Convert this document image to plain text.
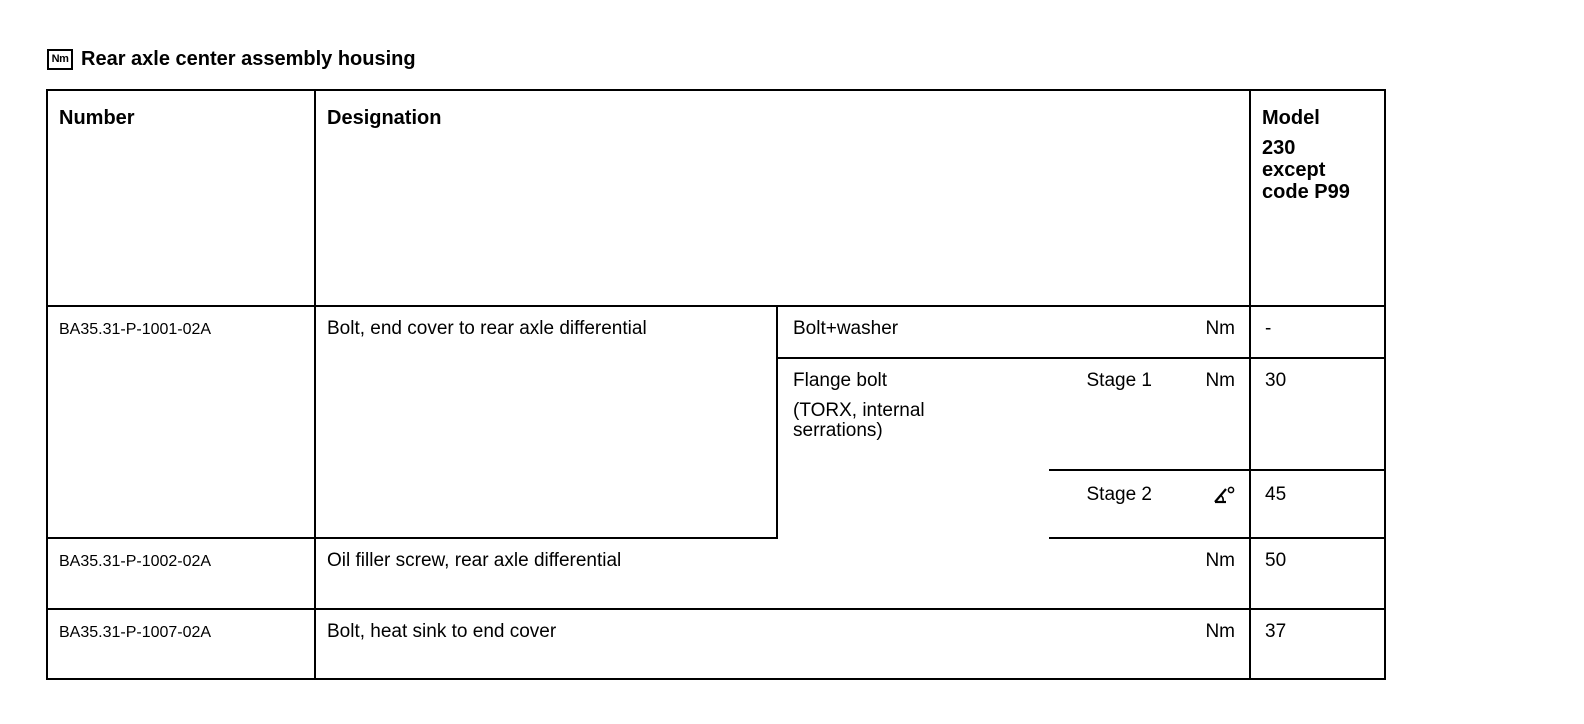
Nm Rear axle center assembly housing
Number	Designation				Model
230
except
code P99

BA35.31-P-1001-02A	Bolt, end cover to rear axle differential	Bolt+washer		Nm	-

		Flange bolt
(TORX, internal
serrations)	Stage 1	Nm	30
			Stage 2		45
BA35.31-P-1002-02A	Oil filler screw, rear axle differential			Nm	50
BA35.31-P-1007-02A	Bolt, heat sink to end cover			Nm	37
